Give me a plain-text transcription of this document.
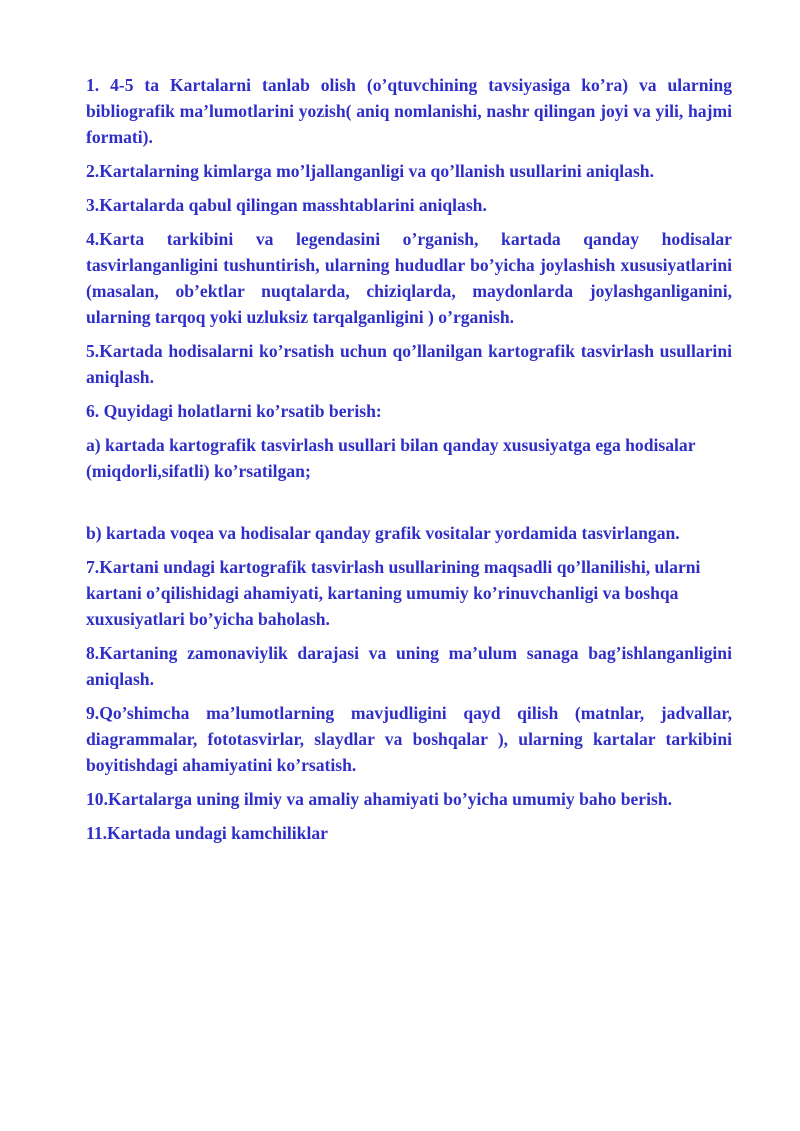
1. 4-5 ta Kartalarni tanlab olish (o’qtuvchining tavsiyasiga ko’ra) va ularning bibliografik ma’lumotlarini yozish( aniq nomlanishi, nashr qilingan joyi va yili, hajmi formati).

2.Kartalarning kimlarga mo’ljallanganligi va qo’llanish usullarini aniqlash.

3.Kartalarda qabul qilingan masshtablarini aniqlash.

4.Karta tarkibini va legendasini o’rganish, kartada qanday hodisalar tasvirlanganligini tushuntirish, ularning hududlar bo’yicha joylashish xususiyatlarini (masalan, ob’ektlar nuqtalarda, chiziqlarda, maydonlarda joylashganliganini, ularning tarqoq yoki uzluksiz tarqalganligini ) o’rganish.

5.Kartada hodisalarni ko’rsatish uchun qo’llanilgan kartografik tasvirlash usullarini aniqlash.

6. Quyidagi holatlarni ko’rsatib berish:

a) kartada kartografik tasvirlash usullari bilan qanday xususiyatga ega hodisalar (miqdorli,sifatli) ko’rsatilgan;

b) kartada voqea va hodisalar qanday grafik vositalar yordamida tasvirlangan.

7.Kartani undagi kartografik tasvirlash usullarining maqsadli qo’llanilishi, ularni kartani o’qilishidagi ahamiyati, kartaning umumiy ko’rinuvchanligi va boshqa xuxusiyatlari bo’yicha baholash.

8.Kartaning zamonaviylik darajasi va uning ma’ulum sanaga bag’ishlanganligini aniqlash.

9.Qo’shimcha ma’lumotlarning mavjudligini qayd qilish (matnlar, jadvallar, diagrammalar, fototasvirlar, slaydlar va boshqalar ), ularning kartalar tarkibini boyitishdagi ahamiyatini ko’rsatish.

10.Kartalarga uning ilmiy va amaliy ahamiyati bo’yicha umumiy baho berish.

11.Kartada undagi kamchiliklar
